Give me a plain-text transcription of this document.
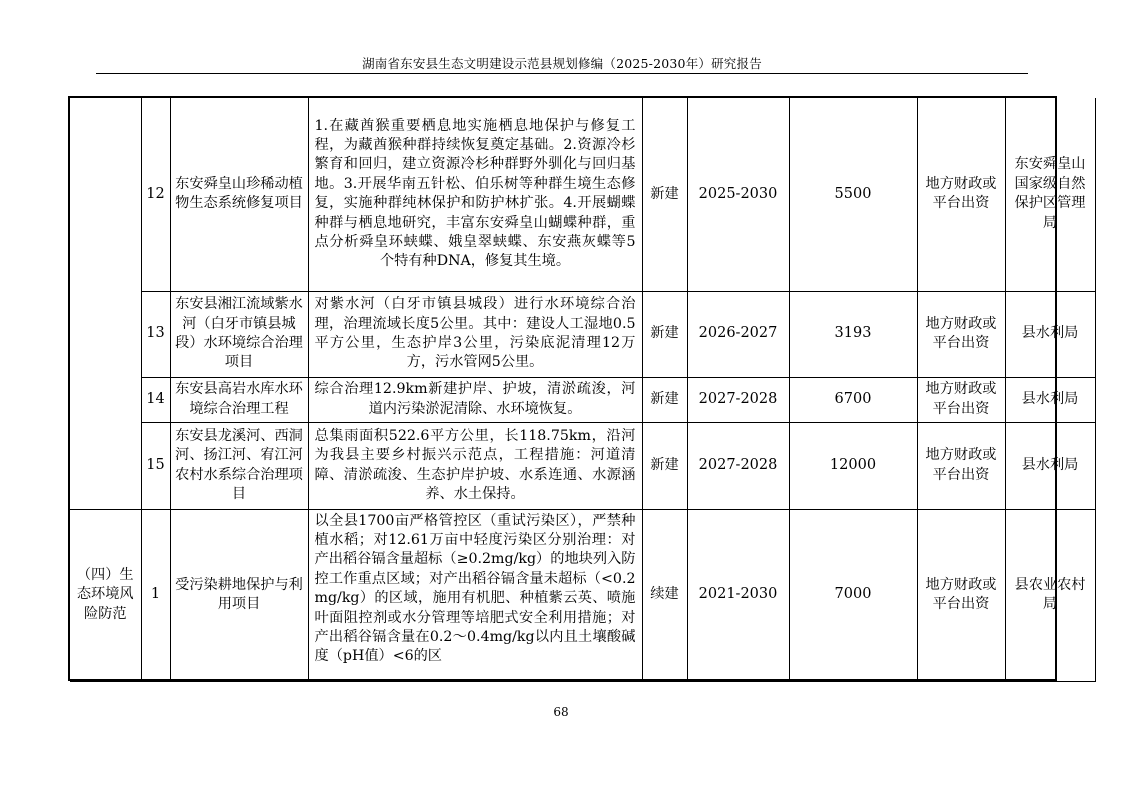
湖南省东安县生态文明建设示范县规划修编（2025-2030年）研究报告
	12	东安舜皇山珍稀动植物生态系统修复项目	1.在藏酋猴重要栖息地实施栖息地保护与修复工程，为藏酋猴种群持续恢复奠定基础。2.资源冷杉繁育和回归，建立资源冷杉种群野外驯化与回归基地。3.开展华南五针松、伯乐树等种群生境生态修复，实施种群纯林保护和防护林扩张。4.开展蝴蝶种群与栖息地研究，丰富东安舜皇山蝴蝶种群，重点分析舜皇环蛱蝶、娥皇翠蛱蝶、东安燕灰蝶等5个特有种DNA，修复其生境。	新建	2025-2030	5500	地方财政或平台出资	东安舜皇山国家级自然保护区管理局
	13	东安县湘江流域紫水河（白牙市镇县城段）水环境综合治理项目	对紫水河（白牙市镇县城段）进行水环境综合治理，治理流域长度5公里。其中：建设人工湿地0.5平方公里，生态护岸3公里，污染底泥清理12万方，污水管网5公里。	新建	2026-2027	3193	地方财政或平台出资	县水利局
	14	东安县高岩水库水环境综合治理工程	综合治理12.9km新建护岸、护坡，清淤疏浚，河道内污染淤泥清除、水环境恢复。	新建	2027-2028	6700	地方财政或平台出资	县水利局
	15	东安县龙溪河、西洞河、扬江河、宥江河农村水系综合治理项目	总集雨面积522.6平方公里，长118.75km，沿河为我县主要乡村振兴示范点，工程措施：河道清障、清淤疏浚、生态护岸护坡、水系连通、水源涵养、水土保持。	新建	2027-2028	12000	地方财政或平台出资	县水利局
（四）生态环境风险防范	1	受污染耕地保护与利用项目	以全县1700亩严格管控区（重试污染区），严禁种植水稻；对12.61万亩中轻度污染区分别治理：对产出稻谷镉含量超标（≥0.2mg/kg）的地块列入防控工作重点区域；对产出稻谷镉含量未超标（<0.2mg/kg）的区域，施用有机肥、种植紫云英、喷施叶面阻控剂或水分管理等培肥式安全利用措施；对产出稻谷镉含量在0.2～0.4mg/kg以内且土壤酸碱度（pH值）<6的区	续建	2021-2030	7000	地方财政或平台出资	县农业农村局
68
